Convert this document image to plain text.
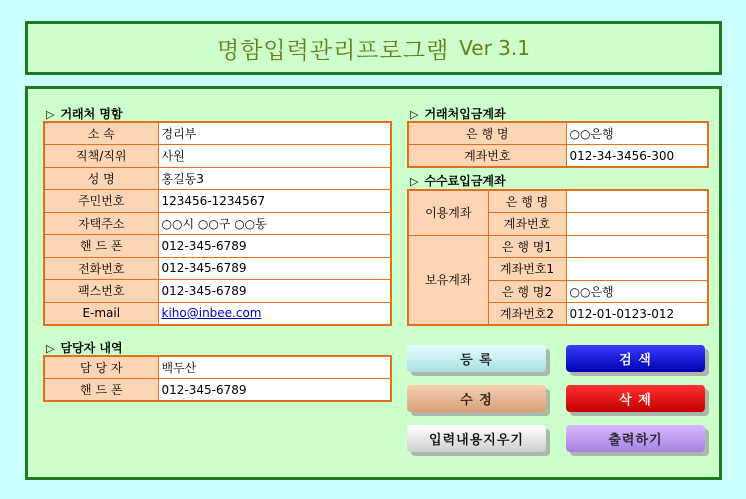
명함입력관리프로그램 Ver 3.1
▷ 거래처 명함
소 속	경리부
직책/직위	사원
성 명	홍길동3
주민번호	123456-1234567
자택주소	○○시 ○○구 ○○동
핸 드 폰	012-345-6789
전화번호	012-345-6789
팩스번호	012-345-6789
E-mail	kiho@inbee.com
▷ 담당자 내역
담 당 자	백두산
핸 드 폰	012-345-6789
▷ 거래처입금계좌
은 행 명	○○은행
계좌번호	012-34-3456-300
▷ 수수료입금계좌
이용계좌	은 행 명	
	계좌번호	
보유계좌	은 행 명1	
	계좌번호1	
	은 행 명2	○○은행
	계좌번호2	012-01-0123-012
등 록	검 색
수 정	삭 제
입력내용지우기	출력하기
